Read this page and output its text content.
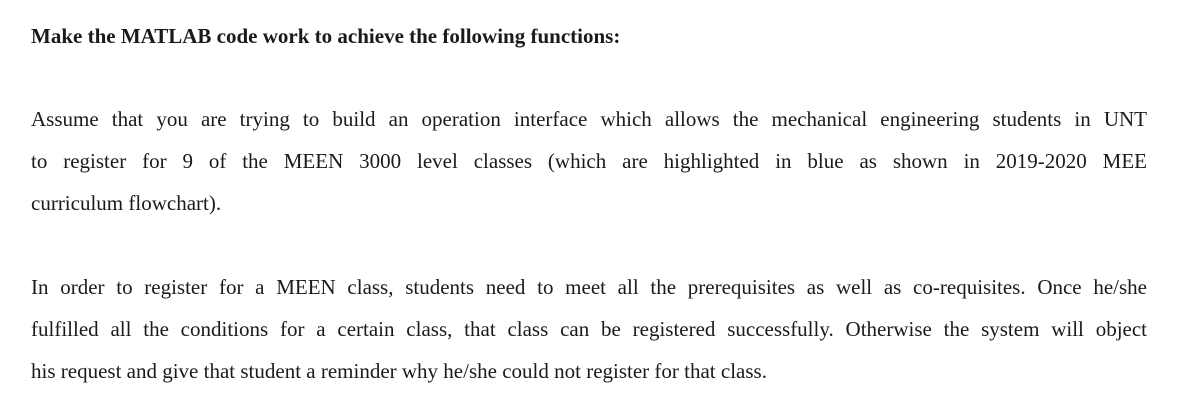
Make the MATLAB code work to achieve the following functions:

Assume that you are trying to build an operation interface which allows the mechanical engineering students in UNT
to register for 9 of the MEEN 3000 level classes (which are highlighted in blue as shown in 2019-2020 MEE
curriculum flowchart).

In order to register for a MEEN class, students need to meet all the prerequisites as well as co-requisites. Once he/she
fulfilled all the conditions for a certain class, that class can be registered successfully. Otherwise the system will object
his request and give that student a reminder why he/she could not register for that class.
